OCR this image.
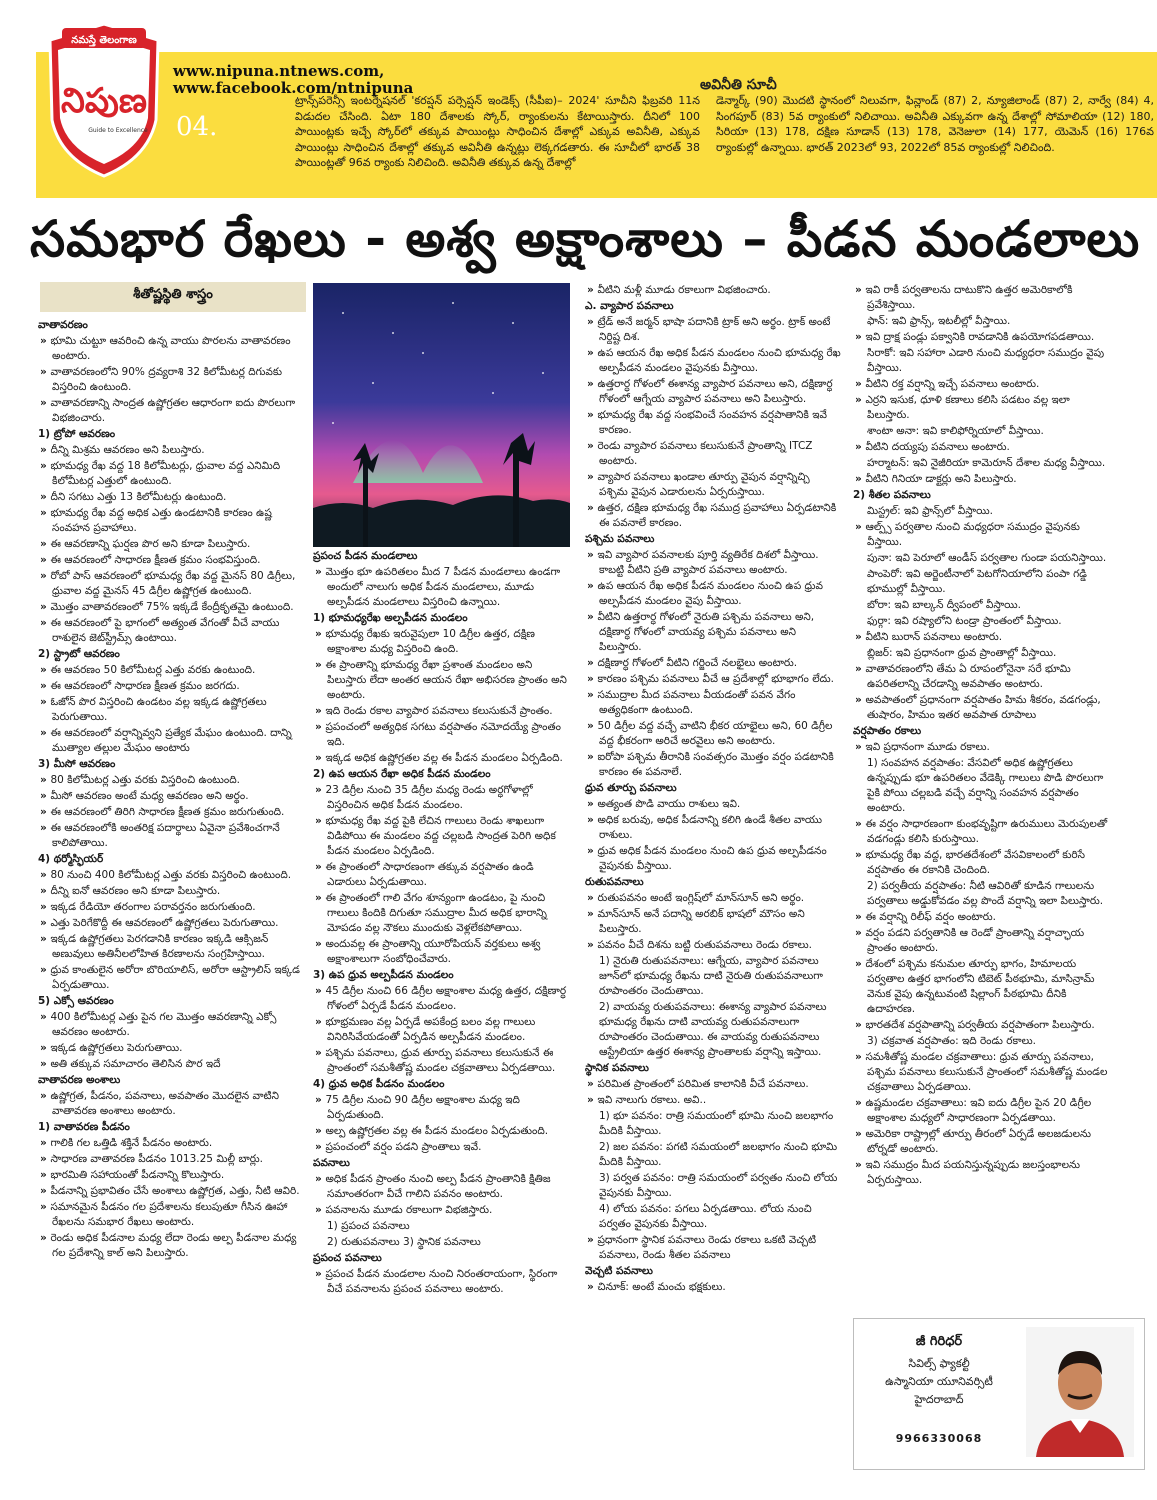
నమస్తే తెలంగాణ
నిపుణ
Guide to Excellence 04.
www.nipuna.ntnews.com,
www.facebook.com/ntnipuna	అవినీతి సూచీ
ట్రాన్స్‌పరెన్సీ ఇంటర్నేషనల్ 'కరప్షన్ పర్సెప్షన్ ఇండెక్స్ (సీపీఐ)– 2024' సూచీని ఫిబ్రవరి 11న విడుదల చేసింది. ఏటా 180 దేశాలకు స్కోర్, ర్యాంకులను కేటాయిస్తారు. దీనిలో 100 పాయింట్లకు ఇచ్చే స్కోర్‌లో తక్కువ పాయింట్లు సాధించిన దేశాల్లో ఎక్కువ అవినీతి, ఎక్కువ పాయింట్లు సాధించిన దేశాల్లో తక్కువ అవినీతి ఉన్నట్లు లెక్కగడతారు. ఈ సూచీలో భారత్ 38 పాయింట్లతో 96వ ర్యాంకు నిలిచింది. అవినీతి తక్కువ ఉన్న దేశాల్లో
డెన్మార్క్ (90) మొదటి స్థానంలో నిలువగా, ఫిన్లాండ్ (87) 2, న్యూజిలాండ్ (87) 2, నార్వే (84) 4, సింగపూర్ (83) 5వ ర్యాంకులో నిలిచాయి. అవినీతి ఎక్కువగా ఉన్న దేశాల్లో సోమాలియా (12) 180, సిరియా (13) 178, దక్షిణ సూడాన్ (13) 178, వెనెజులా (14) 177, యెమెన్ (16) 176వ ర్యాంకుల్లో ఉన్నాయి. భారత్ 2023లో 93, 2022లో 85వ ర్యాంకుల్లో నిలిచింది.
సమభార రేఖలు - అశ్వ అక్షాంశాలు – పీడన మండలాలు
శీతోష్ణస్థితి శాస్త్రం

వాతావరణం

» భూమి చుట్టూ ఆవరించి ఉన్న వాయు పొరలను వాతావరణం అంటారు.

» వాతావరణంలోని 90% ద్రవ్యరాశి 32 కిలోమీటర్ల దిగువకు విస్తరించి ఉంటుంది.

» వాతావరణాన్ని సాంద్రత ఉష్ణోగ్రతల ఆధారంగా ఐదు పొరలుగా విభజించారు.

1) ట్రోపో ఆవరణం

» దీన్ని మిశ్రమ ఆవరణం అని పిలుస్తారు.

» భూమధ్య రేఖ వద్ద 18 కిలోమీటర్లు, ధ్రువాల వద్ద ఎనిమిది కిలోమీటర్ల ఎత్తులో ఉంటుంది.

» దీని సగటు ఎత్తు 13 కిలోమీటర్లు ఉంటుంది.

» భూమధ్య రేఖ వద్ద అధిక ఎత్తు ఉండటానికి కారణం ఉష్ణ సంవహన ప్రవాహాలు.

» ఈ ఆవరణాన్ని ఘర్షణ పొర అని కూడా పిలుస్తారు.

» ఈ ఆవరణంలో సాధారణ క్షీణత క్రమం సంభవిస్తుంది.

» రోబో పాస్ ఆవరణంలో భూమధ్య రేఖ వద్ద మైనస్ 80 డిగ్రీలు, ధ్రువాల వద్ద మైనస్ 45 డిగ్రీల ఉష్ణోగ్రత ఉంటుంది.

» మొత్తం వాతావరణంలో 75% ఇక్కడే కేంద్రీకృతమై ఉంటుంది.

» ఈ ఆవరణంలో పై భాగంలో అత్యంత వేగంతో వీచే వాయు రాశులైన జెట్‌స్ట్రీమ్స్ ఉంటాయి.

2) స్ట్రాటో ఆవరణం

» ఈ ఆవరణం 50 కిలోమీటర్ల ఎత్తు వరకు ఉంటుంది.

» ఈ ఆవరణంలో సాధారణ క్షీణత క్రమం జరగదు.

» ఓజోన్ పొర విస్తరించి ఉండటం వల్ల ఇక్కడ ఉష్ణోగ్రతలు పెరుగుతాయి.

» ఈ ఆవరణంలో వర్షాన్నివ్వని ప్రత్యేక మేఘం ఉంటుంది. దాన్ని ముత్యాల తల్లుల మేఘం అంటారు

3) మీసో ఆవరణం

» 80 కిలోమీటర్ల ఎత్తు వరకు విస్తరించి ఉంటుంది.

» మీసో ఆవరణం అంటే మధ్య ఆవరణం అని అర్థం.

» ఈ ఆవరణంలో తిరిగి సాధారణ క్షీణత క్రమం జరుగుతుంది.

» ఈ ఆవరణంలోకి అంతరిక్ష పదార్థాలు ఏవైనా ప్రవేశించగానే కాలిపోతాయి.

4) థర్మోస్ఫియర్

» 80 నుంచి 400 కిలోమీటర్ల ఎత్తు వరకు విస్తరించి ఉంటుంది.

» దీన్ని ఐనో ఆవరణం అని కూడా పిలుస్తారు.

» ఇక్కడ రేడియో తరంగాల పరావర్తనం జరుగుతుంది.

» ఎత్తు పెరిగేకొద్దీ ఈ ఆవరణంలో ఉష్ణోగ్రతలు పెరుగుతాయి.

» ఇక్కడ ఉష్ణోగ్రతలు పెరగడానికి కారణం ఇక్కడి ఆక్సిజన్ అణువులు అతినీలలోహిత కిరణాలను సంగ్రహిస్తాయి.

» ధ్రువ కాంతులైన అరోరా బొరియాలిస్, అరోరా ఆస్ట్రాలిస్ ఇక్కడ ఏర్పడుతాయి.

5) ఎక్సో ఆవరణం

» 400 కిలోమీటర్ల ఎత్తు పైన గల మొత్తం ఆవరణాన్ని ఎక్సో ఆవరణం అంటారు.

» ఇక్కడ ఉష్ణోగ్రతలు పెరుగుతాయి.

» అతి తక్కువ సమాచారం తెలిసిన పొర ఇదే

వాతావరణ అంశాలు

» ఉష్ణోగ్రత, పీడనం, పవనాలు, అవపాతం మొదలైన వాటిని వాతావరణ అంశాలు అంటారు.

1) వాతావరణ పీడనం

» గాలికి గల ఒత్తిడి శక్తినే పీడనం అంటారు.

» సాధారణ వాతావరణ పీడనం 1013.25 మిల్లీ బార్లు.

» భారమితి సహాయంతో పీడనాన్ని కొలుస్తారు.

» పీడనాన్ని ప్రభావితం చేసే అంశాలు ఉష్ణోగ్రత, ఎత్తు, నీటి ఆవిరి.

» సమానమైన పీడనం గల ప్రదేశాలను కలుపుతూ గీసిన ఊహా రేఖలను సమభార రేఖలు అంటారు.

» రెండు అధిక పీడనాల మధ్య లేదా రెండు అల్ప పీడనాల మధ్య గల ప్రదేశాన్ని కాల్ అని పిలుస్తారు.

ప్రపంచ పీడన మండలాలు

» మొత్తం భూ ఉపరితలం మీద 7 పీడన మండలాలు ఉండగా అందులో నాలుగు అధిక పీడన మండలాలు, మూడు అల్పపీడన మండలాలు విస్తరించి ఉన్నాయి.

1) భూమధ్యరేఖ అల్పపీడన మండలం

» భూమధ్య రేఖకు ఇరువైపులా 10 డిగ్రీల ఉత్తర, దక్షిణ అక్షాంశాల మధ్య విస్తరించి ఉంది.

» ఈ ప్రాంతాన్ని భూమధ్య రేఖా ప్రశాంత మండలం అని పిలుస్తారు లేదా అంతర ఆయన రేఖా అభిసరణ ప్రాంతం అని అంటారు.

» ఇది రెండు రకాల వ్యాపార పవనాలు కలుసుకునే ప్రాంతం.

» ప్రపంచంలో అత్యధిక సగటు వర్షపాతం నమోదయ్యే ప్రాంతం ఇది.

» ఇక్కడ అధిక ఉష్ణోగ్రతల వల్ల ఈ పీడన మండలం ఏర్పడింది.

2) ఉప ఆయన రేఖా అధిక పీడన మండలం

» 23 డిగ్రీల నుంచి 35 డిగ్రీల మధ్య రెండు అర్ధగోళాల్లో విస్తరించిన అధిక పీడన మండలం.

» భూమధ్య రేఖ వద్ద పైకి లేచిన గాలులు రెండు శాఖలుగా విడిపోయి ఈ మండలం వద్ద చల్లబడి సాంద్రత పెరిగి అధిక పీడన మండలం ఏర్పడింది.

» ఈ ప్రాంతంలో సాధారణంగా తక్కువ వర్షపాతం ఉండి ఎడారులు ఏర్పడుతాయి.

» ఈ ప్రాంతంలో గాలి వేగం శూన్యంగా ఉండటం, పై నుంచి గాలులు కిందికి దిగుతూ సముద్రాల మీద అధిక భారాన్ని మోపడం వల్ల నౌకలు ముందుకు వెళ్లలేకపోతాయి.

» అందువల్ల ఈ ప్రాంతాన్ని యూరోపియన్ వర్తకులు అశ్వ అక్షాంశాలుగా సంబోధించేవారు.

3) ఉప ధ్రువ అల్పపీడన మండలం

» 45 డిగ్రీల నుంచి 66 డిగ్రీల అక్షాంశాల మధ్య ఉత్తర, దక్షిణార్ధ గోళంలో ఏర్పడే పీడన మండలం.

» భూభ్రమణం వల్ల ఏర్పడే అపకేంద్ర బలం వల్ల గాలులు వినిరిసివేయడంతో ఏర్పడిన అల్పపీడన మండలం.

» పశ్చిమ పవనాలు, ధ్రువ తూర్పు పవనాలు కలుసుకునే ఈ ప్రాంతంలో సమశీతోష్ణ మండల చక్రవాతాలు ఏర్పడతాయి.

4) ధ్రువ అధిక పీడనం మండలం

» 75 డిగ్రీల నుంచి 90 డిగ్రీల అక్షాంశాల మధ్య ఇది ఏర్పడుతుంది.

» అల్ప ఉష్ణోగ్రతల వల్ల ఈ పీడన మండలం ఏర్పడుతుంది.

» ప్రపంచంలో వర్షం పడని ప్రాంతాలు ఇవే.

పవనాలు

» అధిక పీడన ప్రాంతం నుంచి అల్ప పీడన ప్రాంతానికి క్షితిజ సమాంతరంగా వీచే గాలిని పవనం అంటారు.

» పవనాలను మూడు రకాలుగా విభజిస్తారు.

1) ప్రపంచ పవనాలు

2) రుతుపవనాలు 3) స్థానిక పవనాలు

ప్రపంచ పవనాలు

» ప్రపంచ పీడన మండలాల నుంచి నిరంతరాయంగా, స్థిరంగా వీచే పవనాలను ప్రపంచ పవనాలు అంటారు.

» వీటిని మళ్లీ మూడు రకాలుగా విభజించారు.

ఎ. వ్యాపార పవనాలు

» ట్రేడ్ అనే జర్మన్ భాషా పదానికి ట్రాక్ అని అర్థం. ట్రాక్ అంటే నిర్దిష్ట దిశ.

» ఉప ఆయన రేఖ అధిక పీడన మండలం నుంచి భూమధ్య రేఖ అల్పపీడన మండలం వైపునకు వీస్తాయి.

» ఉత్తరార్ధ గోళంలో ఈశాన్య వ్యాపార పవనాలు అని, దక్షిణార్ధ గోళంలో ఆగ్నేయ వ్యాపార పవనాలు అని పిలుస్తారు.

» భూమధ్య రేఖ వద్ద సంభవించే సంవహన వర్షపాతానికి ఇవే కారణం.

» రెండు వ్యాపార పవనాలు కలుసుకునే ప్రాంతాన్ని ITCZ అంటారు.

» వ్యాపార పవనాలు ఖండాల తూర్పు వైపున వర్షాన్నిచ్చి పశ్చిమ వైపున ఎడారులను ఏర్పరుస్తాయి.

» ఉత్తర, దక్షిణ భూమధ్య రేఖ సముద్ర ప్రవాహాలు ఏర్పడటానికి ఈ పవనాలే కారణం.

పశ్చిమ పవనాలు

» ఇవి వ్యాపార పవనాలకు పూర్తి వ్యతిరేక దిశలో వీస్తాయి. కాబట్టి వీటిని ప్రతి వ్యాపార పవనాలు అంటారు.

» ఉప ఆయన రేఖ అధిక పీడన మండలం నుంచి ఉప ధ్రువ అల్పపీడన మండలం వైపు వీస్తాయి.

» వీటిని ఉత్తరార్ధ గోళంలో నైరుతి పశ్చిమ పవనాలు అని, దక్షిణార్ధ గోళంలో వాయవ్య పశ్చిమ పవనాలు అని పిలుస్తారు.

» దక్షిణార్ధ గోళంలో వీటిని గర్జించే నలభైలు అంటారు.

» కారణం పశ్చిమ పవనాలు వీచే ఆ ప్రదేశాల్లో భూభాగం లేదు.

» సముద్రాల మీద పవనాలు వీయడంతో పవన వేగం అత్యధికంగా ఉంటుంది.

» 50 డిగ్రీల వద్ద వచ్చే వాటిని భీకర యాభైలు అని, 60 డిగ్రీల వద్ద భీకరంగా అరిచే అరవైలు అని అంటారు.

» ఐరోపా పశ్చిమ తీరానికి సంవత్సరం మొత్తం వర్షం పడటానికి కారణం ఈ పవనాలే.

ధ్రువ తూర్పు పవనాలు

» అత్యంత పొడి వాయు రాశులు ఇవి.

» అధిక బరువు, అధిక పీడనాన్ని కలిగి ఉండే శీతల వాయు రాశులు.

» ధ్రువ అధిక పీడన మండలం నుంచి ఉప ధ్రువ అల్పపీడనం వైపునకు వీస్తాయి.

రుతుపవనాలు

» రుతుపవనం అంటే ఇంగ్లిష్‌లో మాన్‌సూన్ అని అర్థం.

» మాన్‌సూన్ అనే పదాన్ని అరబిక్ భాషలో మౌసం అని పిలుస్తారు.

» పవనం వీచే దిశను బట్టి రుతుపవనాలు రెండు రకాలు.

1) నైరుతి రుతుపవనాలు: ఆగ్నేయ, వ్యాపార పవనాలు జూన్‌లో భూమధ్య రేఖను దాటి నైరుతి రుతుపవనాలుగా రూపాంతరం చెందుతాయి.

2) వాయవ్య రుతుపవనాలు: ఈశాన్య వ్యాపార పవనాలు భూమధ్య రేఖను దాటి వాయవ్య రుతుపవనాలుగా రూపాంతరం చెందుతాయి. ఈ వాయవ్య రుతుపవనాలు ఆస్ట్రేలియా ఉత్తర ఈశాన్య ప్రాంతాలకు వర్షాన్ని ఇస్తాయి.

స్థానిక పవనాలు

» పరిమిత ప్రాంతంలో పరిమిత కాలానికి వీచే పవనాలు.

» ఇవి నాలుగు రకాలు. అవి..

1) భూ పవనం: రాత్రి సమయంలో భూమి నుంచి జలభాగం మీదికి వీస్తాయి.

2) జల పవనం: పగటి సమయంలో జలభాగం నుంచి భూమి మీదికి వీస్తాయి.

3) పర్వత పవనం: రాత్రి సమయంలో పర్వతం నుంచి లోయ వైపునకు వీస్తాయి.

4) లోయ పవనం: పగలు ఏర్పడతాయి. లోయ నుంచి పర్వతం వైపునకు వీస్తాయి.

» ప్రధానంగా స్థానిక పవనాలు రెండు రకాలు ఒకటి వెచ్చటి పవనాలు, రెండు శీతల పవనాలు

వెచ్చటి పవనాలు

» చినూక్: అంటే మంచు భక్షకులు.

» ఇవి రాకీ పర్వతాలను దాటుకొని ఉత్తర అమెరికాలోకి ప్రవేశిస్తాయి.

ఫాన్: ఇవి ఫ్రాన్స్, ఇటలీల్లో వీస్తాయి.

» ఇవి ద్రాక్ష పండ్లు పక్వానికి రావడానికి ఉపయోగపడతాయి.

సిరాకో: ఇవి సహారా ఎడారి నుంచి మధ్యధరా సముద్రం వైపు వీస్తాయి.

» వీటిని రక్త వర్షాన్ని ఇచ్చే పవనాలు అంటారు.

» ఎర్రని ఇసుక, ధూళి కణాలు కలిసి పడటం వల్ల ఇలా పిలుస్తారు.

శాంటా అనా: ఇవి కాలిఫోర్నియాలో వీస్తాయి.

» వీటిని దయ్యపు పవనాలు అంటారు.

హర్మాటన్: ఇవి నైజీరియా కామెరూన్ దేశాల మధ్య వీస్తాయి.

» వీటిని గినియా డాక్టర్లు అని పిలుస్తారు.

2) శీతల పవనాలు

మిస్ట్రల్: ఇవి ఫ్రాన్స్‌లో వీస్తాయి.

» ఆల్ప్స్ పర్వతాల నుంచి మధ్యధరా సముద్రం వైపునకు వీస్తాయి.

పునా: ఇవి పెరూలో ఆండీస్ పర్వతాల గుండా పయనిస్తాయి.

పాంపెరో: ఇవి అర్జెంటీనాలో పెటగోనియాలోని పంపా గడ్డి భూముల్లో వీస్తాయి.

బోరా: ఇవి బాల్కన్ ద్వీపంలో వీస్తాయి.

ఫుర్గా: ఇవి రష్యాలోని టండ్రా ప్రాంతంలో వీస్తాయి.

» వీటిని బురాన్ పవనాలు అంటారు.

బ్లిజర్: ఇవి ప్రధానంగా ధ్రువ ప్రాంతాల్లో వీస్తాయి.

» వాతావరణంలోని తేమ ఏ రూపంలోనైనా సరే భూమి ఉపరితలాన్ని చేరడాన్ని అవపాతం అంటారు.

» అవపాతంలో ప్రధానంగా వర్షపాతం హిమ శీకరం, వడగండ్లు, తుషారం, హిమం ఇతర అవపాత రూపాలు

వర్షపాతం రకాలు

» ఇవి ప్రధానంగా మూడు రకాలు.

1) సంవహన వర్షపాతం: వేసవిలో అధిక ఉష్ణోగ్రతలు ఉన్నప్పుడు భూ ఉపరితలం వేడెక్కి గాలులు పొడి పొరలుగా పైకి పోయి చల్లబడి వచ్చే వర్షాన్ని సంవహన వర్షపాతం అంటారు.

» ఈ వర్షం సాధారణంగా కుంభవృష్టిగా ఉరుములు మెరుపులతో వడగండ్లు కలిసి కురుస్తాయి.

» భూమధ్య రేఖ వద్ద, భారతదేశంలో వేసవికాలంలో కురిసే వర్షపాతం ఈ రకానికి చెందింది.

2) పర్వతీయ వర్షపాతం: నీటి ఆవిరితో కూడిన గాలులను పర్వతాలు అడ్డుకోవడం వల్ల పొందే వర్షాన్ని ఇలా పిలుస్తారు.

» ఈ వర్షాన్ని రిలీఫ్ వర్షం అంటారు.

» వర్షం పడని పర్వతానికి ఆ రెండో ప్రాంతాన్ని వర్షాచ్ఛాయ ప్రాంతం అంటారు.

» దేశంలో పశ్చిమ కనుమల తూర్పు భాగం, హిమాలయ పర్వతాల ఉత్తర భాగంలోని టిబెట్ పీఠభూమి, మాసిన్రామ్ వెనుక వైపు ఉన్నటువంటి షిల్లాంగ్ పీఠభూమి దీనికి ఉదాహరణ.

» భారతదేశ వర్షపాతాన్ని పర్వతీయ వర్షపాతంగా పిలుస్తారు.

3) చక్రవాత వర్షపాతం: ఇది రెండు రకాలు.

» సమశీతోష్ణ మండల చక్రవాతాలు: ధ్రువ తూర్పు పవనాలు, పశ్చిమ పవనాలు కలుసుకునే ప్రాంతంలో సమశీతోష్ణ మండల చక్రవాతాలు ఏర్పడతాయి.

» ఉష్ణమండల చక్రవాతాలు: ఇవి ఐదు డిగ్రీల పైన 20 డిగ్రీల అక్షాంశాల మధ్యలో సాధారణంగా ఏర్పడతాయి.

» అమెరికా రాష్ట్రాల్లో తూర్పు తీరంలో ఏర్పడే అలజడులను టోర్నడో అంటారు.

» ఇవి సముద్రం మీద పయనిస్తున్నప్పుడు జలస్తంభాలను ఏర్పరుస్తాయి.

జీ గిరిధర్
సివిల్స్ ఫ్యాకల్టీ
ఉస్మానియా యూనివర్సిటీ
హైదరాబాద్
9966330068
